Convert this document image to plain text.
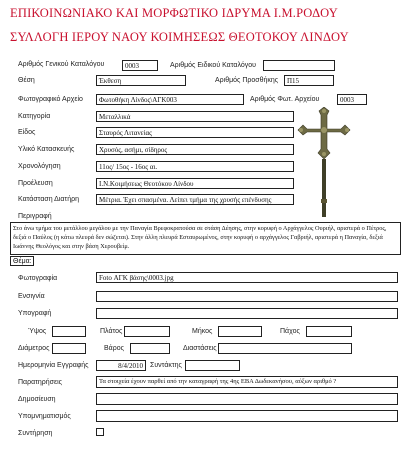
ΕΠΙΚΟΙΝΩΝΙΑΚΟ ΚΑΙ ΜΟΡΦΩΤΙΚΟ ΙΔΡΥΜΑ Ι.Μ.ΡΟΔΟΥ
ΣΥΛΛΟΓΗ ΙΕΡΟΥ ΝΑΟΥ ΚΟΙΜΗΣΕΩΣ ΘΕΟΤΟΚΟΥ ΛΙΝΔΟΥ
Αριθμός Γενικού Καταλόγου	0003	Αριθμός Ειδικού Καταλόγου
Θέση	Έκθεση	Αριθμός Προσθήκης	Π15
Φωτογραφικό Αρχείο	Φωτοθήκη Λίνδος\ΑΓΚ003	Αριθμός Φωτ. Αρχείου	0003
Κατηγορία	Μεταλλικά
Είδος	Σταυρός Λιτανείας
Υλικό Κατασκευής	Χρυσός, ασήμι, σίδηρος
Χρονολόγηση	11ος/ 15ος - 16ος αι.
Προέλευση	Ι.Ν.Κοιμήσεως Θεοτόκου Λίνδου
Κατάσταση Διατήρη	Μέτρια. Έχει σπασμένα. Λείπει τμήμα της χρυσής επένδυσης
Περιγραφή
Στο άνω τμήμα του μετάλλου μεγάλου με την Παναγία Βρεφοκρατούσα σε στάση Δέησης, στην κορυφή ο Αρχάγγελος Ουριήλ, αριστερά ο Πέτρος, δεξιά ο Παύλος (η κάτω πλευρά δεν σώζεται). Στην άλλη πλευρά Εσταυρωμένος, στην κορυφή ο αρχάγγελος Γαβριήλ, αριστερά η Παναγία, δεξιά Ιωάννης Θεολόγος και στην βάση Χερουβείμ.
Θέμα:
Φωτογραφία	Foto ΑΓΚ βάσης\0003.jpg
Ενσιγνία
Υπογραφή
Ύψος	Πλάτος	Μήκος	Πάχος
Διάμετρος	Βάρος	Διαστάσεις
Ημερομηνία Εγγραφής	8/4/2010	Συντάκτης
Παρατηρήσεις	Τα στοιχεία έχουν παρθεί από την καταγραφή της 4ης ΕΒΑ Δωδεκανήσου, αύξων αριθμό ?
Δημοσίευση
Υπομνηματισμός
Συντήρηση
